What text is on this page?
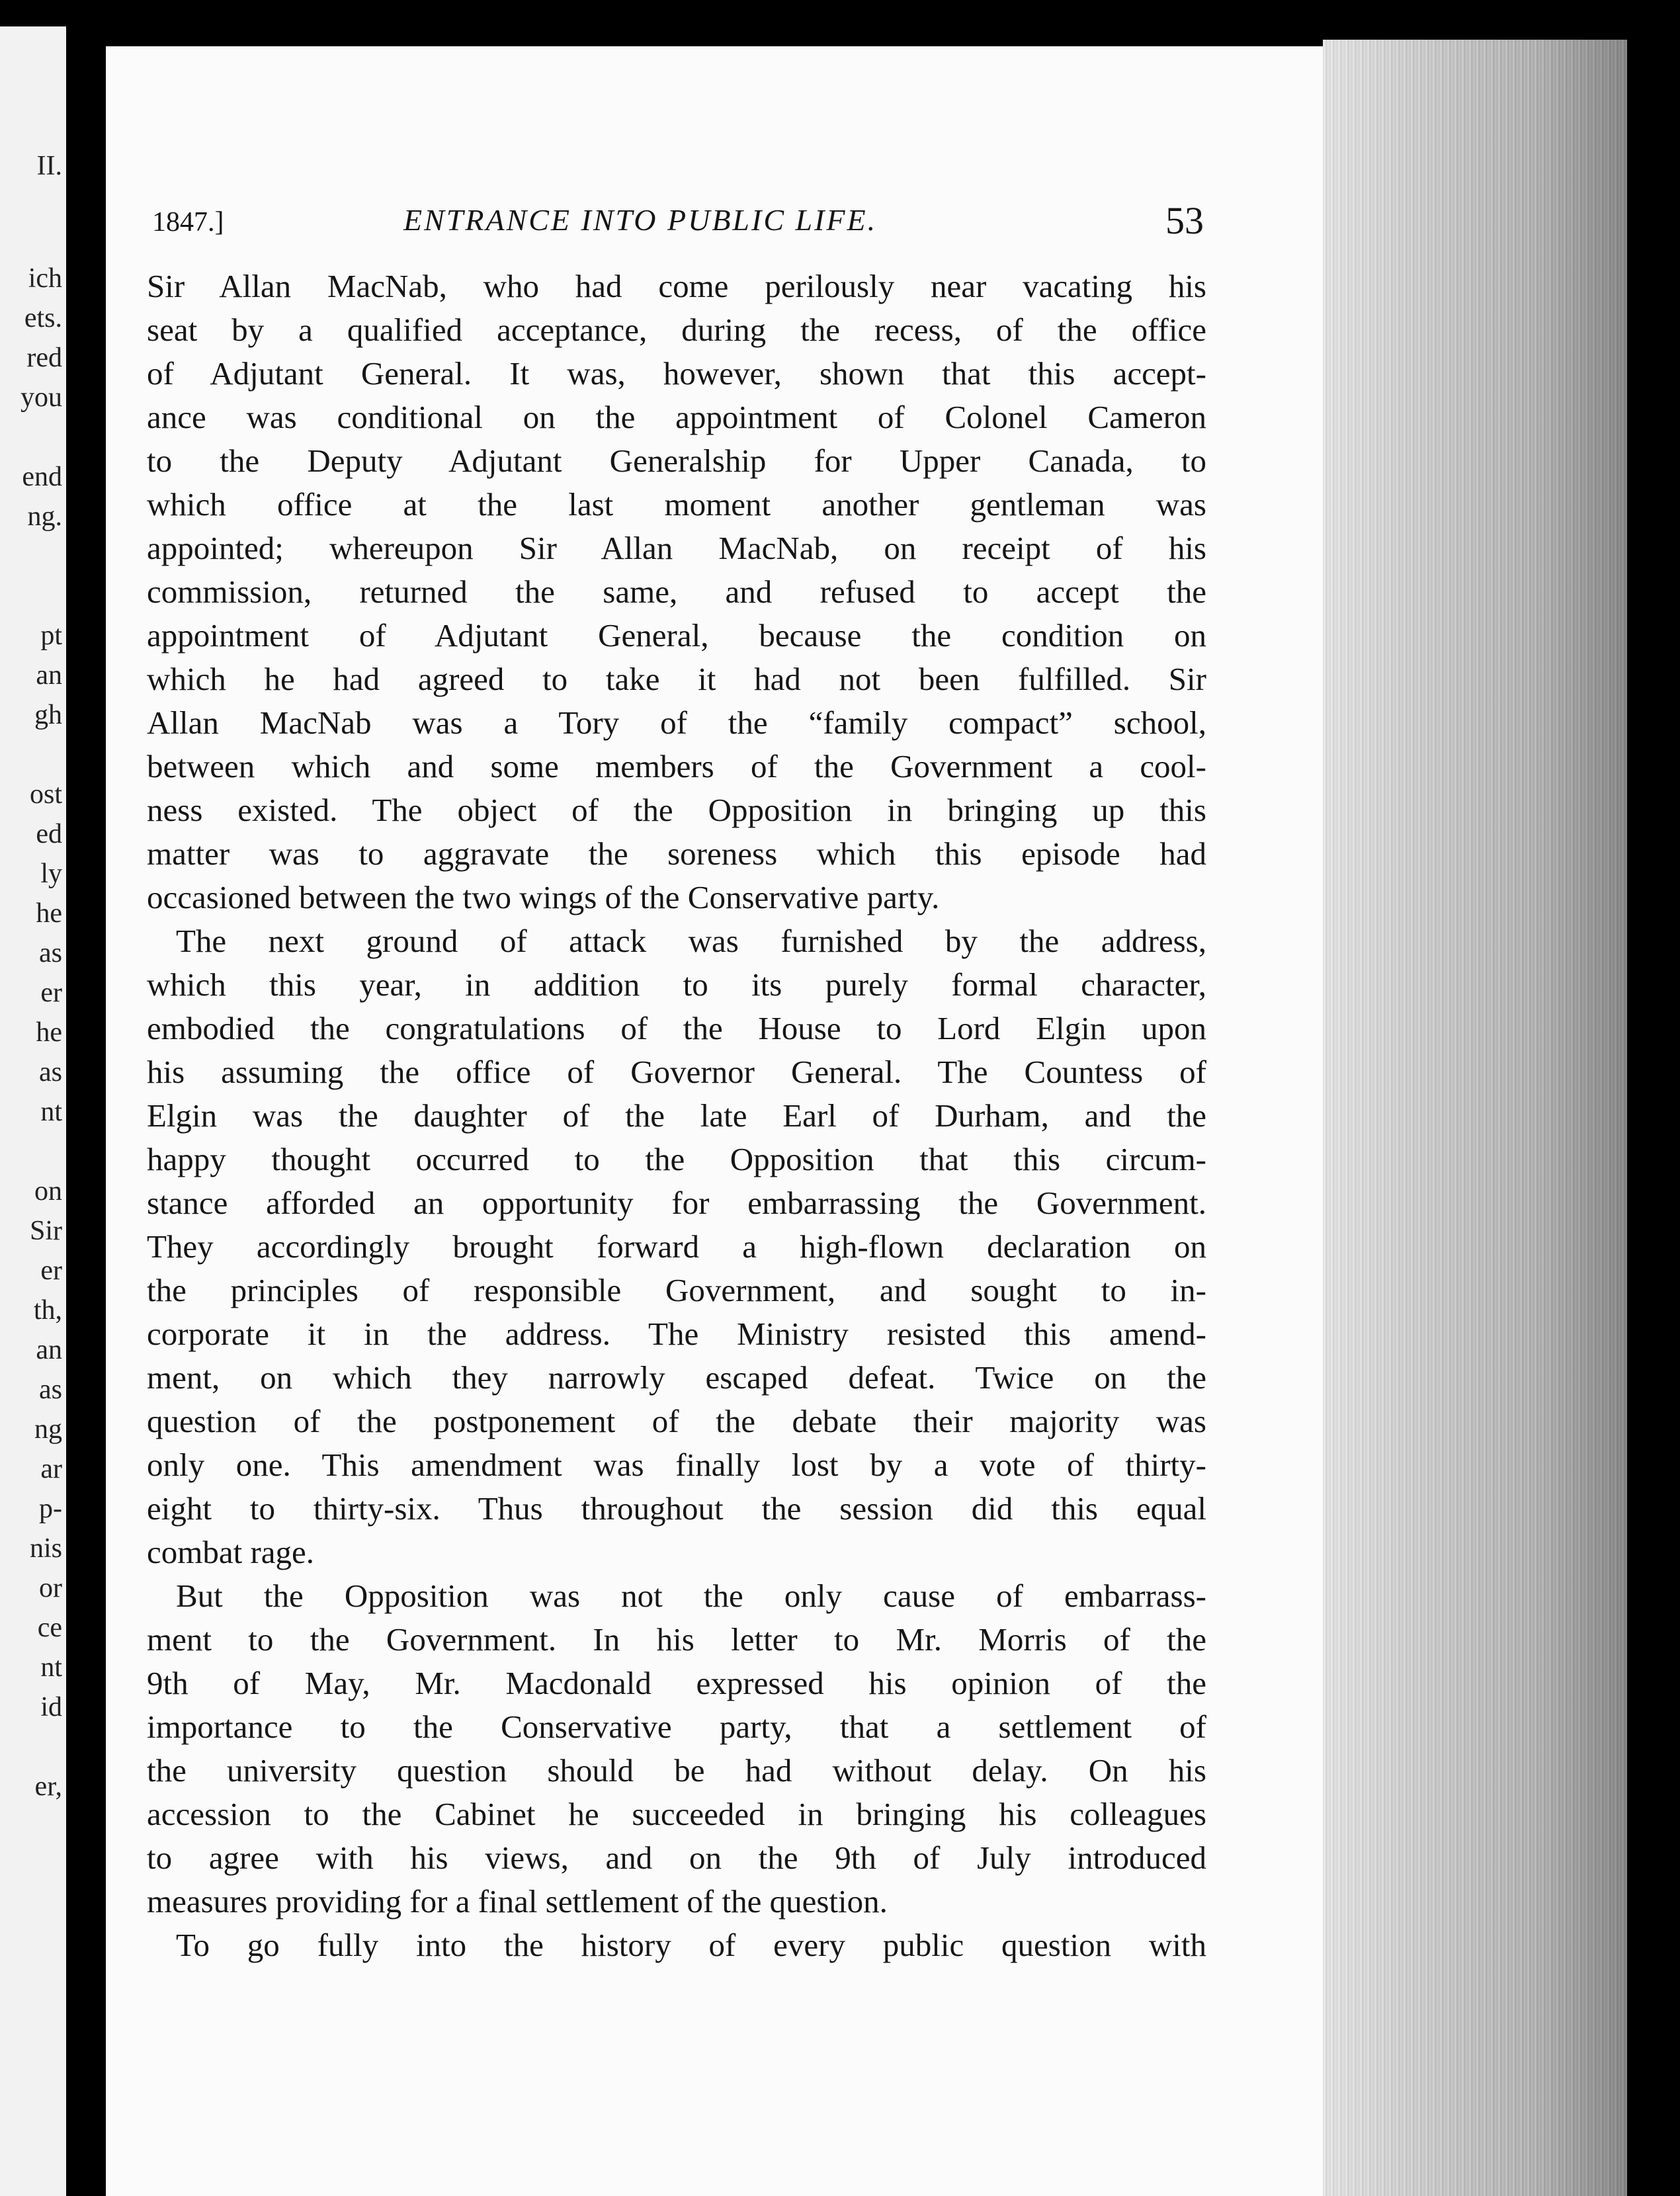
II.
ich
ets.
red
you
end
ng.
pt
an
gh
ost
ed
ly
he
as
er
he
as
nt
on
Sir
er
th,
an
as
ng
ar
p-
nis
or
ce
nt
id
er,
1847.]	ENTRANCE INTO PUBLIC LIFE.	53
Sir Allan MacNab, who had come perilously near vacating his
seat by a qualified acceptance, during the recess, of the office
of Adjutant General. It was, however, shown that this accept-
ance was conditional on the appointment of Colonel Cameron
to the Deputy Adjutant Generalship for Upper Canada, to
which office at the last moment another gentleman was
appointed; whereupon Sir Allan MacNab, on receipt of his
commission, returned the same, and refused to accept the
appointment of Adjutant General, because the condition on
which he had agreed to take it had not been fulfilled. Sir
Allan MacNab was a Tory of the “family compact” school,
between which and some members of the Government a cool-
ness existed. The object of the Opposition in bringing up this
matter was to aggravate the soreness which this episode had
occasioned between the two wings of the Conservative party.
The next ground of attack was furnished by the address,
which this year, in addition to its purely formal character,
embodied the congratulations of the House to Lord Elgin upon
his assuming the office of Governor General. The Countess of
Elgin was the daughter of the late Earl of Durham, and the
happy thought occurred to the Opposition that this circum-
stance afforded an opportunity for embarrassing the Government.
They accordingly brought forward a high-flown declaration on
the principles of responsible Government, and sought to in-
corporate it in the address. The Ministry resisted this amend-
ment, on which they narrowly escaped defeat. Twice on the
question of the postponement of the debate their majority was
only one. This amendment was finally lost by a vote of thirty-
eight to thirty-six. Thus throughout the session did this equal
combat rage.
But the Opposition was not the only cause of embarrass-
ment to the Government. In his letter to Mr. Morris of the
9th of May, Mr. Macdonald expressed his opinion of the
importance to the Conservative party, that a settlement of
the university question should be had without delay. On his
accession to the Cabinet he succeeded in bringing his colleagues
to agree with his views, and on the 9th of July introduced
measures providing for a final settlement of the question.
To go fully into the history of every public question with
